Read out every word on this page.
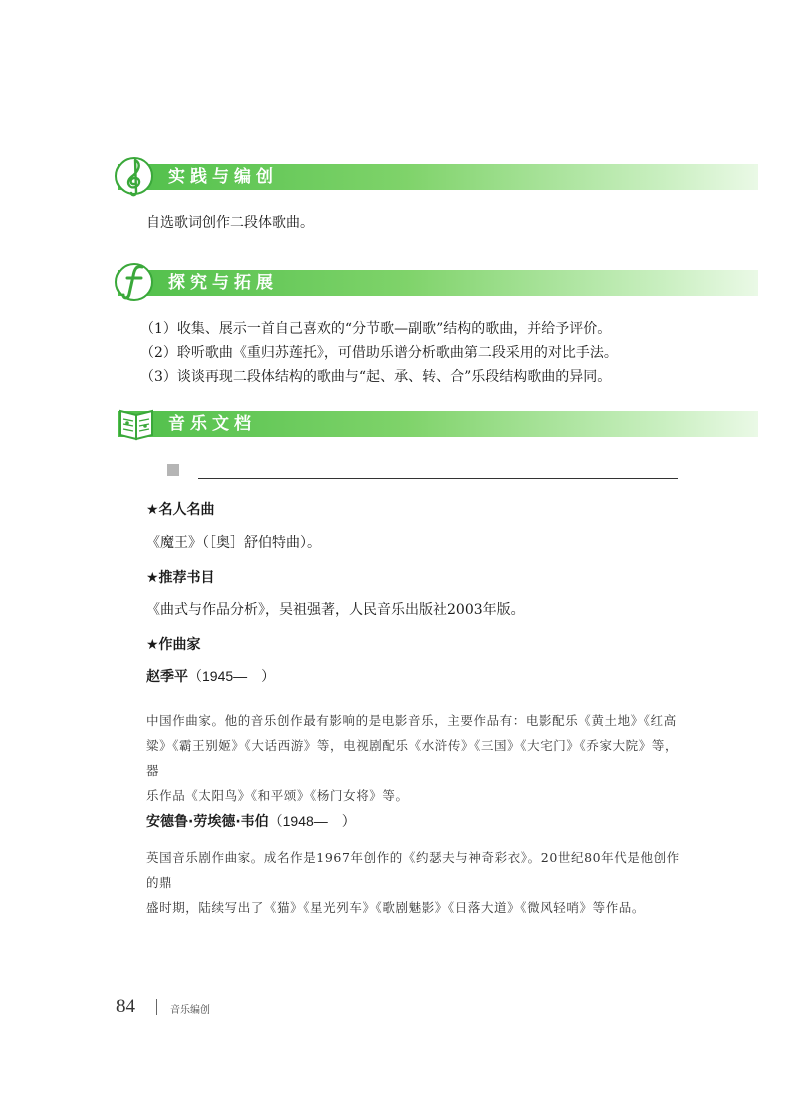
实践与编创
自选歌词创作二段体歌曲。
探究与拓展
（1）收集、展示一首自己喜欢的“分节歌—副歌”结构的歌曲，并给予评价。
（2）聆听歌曲《重归苏莲托》，可借助乐谱分析歌曲第二段采用的对比手法。
（3）谈谈再现二段体结构的歌曲与“起、承、转、合”乐段结构歌曲的异同。
音乐文档
★名人名曲
《魔王》（［奥］舒伯特曲）。
★推荐书目
《曲式与作品分析》，吴祖强著，人民音乐出版社2003年版。
★作曲家
赵季平（1945—　）
中国作曲家。他的音乐创作最有影响的是电影音乐，主要作品有：电影配乐《黄土地》《红高
粱》《霸王别姬》《大话西游》等，电视剧配乐《水浒传》《三国》《大宅门》《乔家大院》等，器
乐作品《太阳鸟》《和平颂》《杨门女将》等。
安德鲁·劳埃德·韦伯（1948—　）
英国音乐剧作曲家。成名作是1967年创作的《约瑟夫与神奇彩衣》。20世纪80年代是他创作的鼎
盛时期，陆续写出了《猫》《星光列车》《歌剧魅影》《日落大道》《微风轻哨》等作品。
84	音乐编创
